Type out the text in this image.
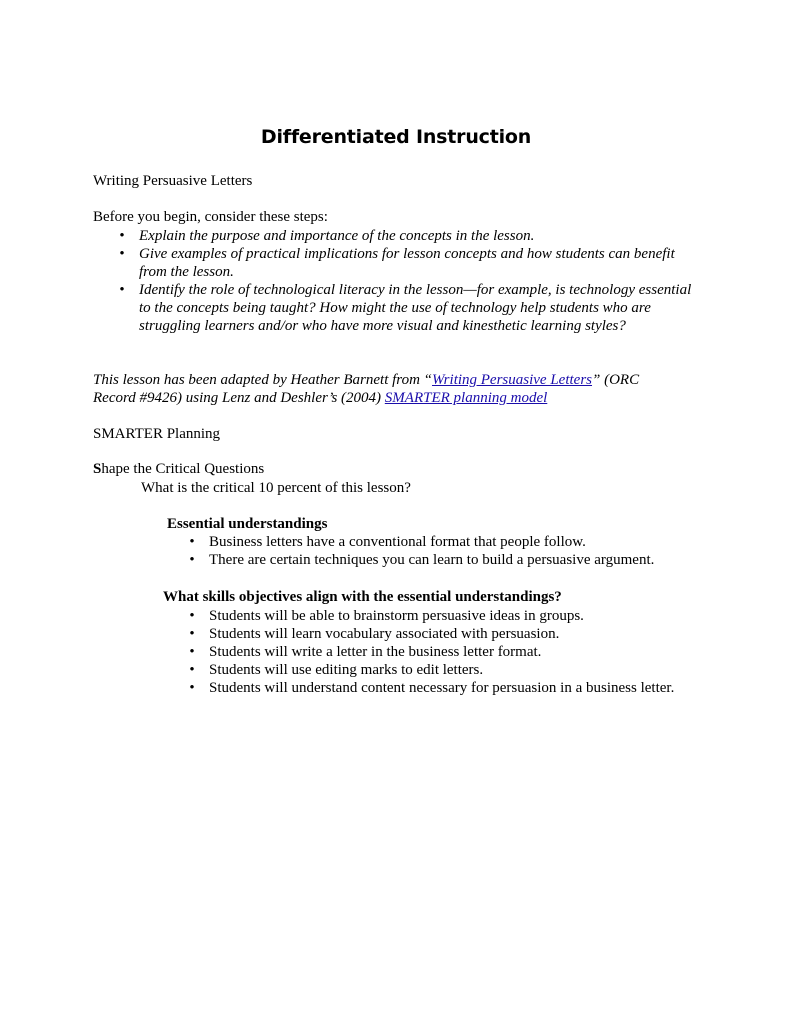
Differentiated Instruction
Writing Persuasive Letters
Before you begin, consider these steps:
• Explain the purpose and importance of the concepts in the lesson.
• Give examples of practical implications for lesson concepts and how students can benefit from the lesson.
• Identify the role of technological literacy in the lesson—for example, is technology essential to the concepts being taught? How might the use of technology help students who are struggling learners and/or who have more visual and kinesthetic learning styles?
This lesson has been adapted by Heather Barnett from “Writing Persuasive Letters” (ORC Record #9426) using Lenz and Deshler’s (2004) SMARTER planning model
SMARTER Planning
Shape the Critical Questions
What is the critical 10 percent of this lesson?
Essential understandings
• Business letters have a conventional format that people follow.
• There are certain techniques you can learn to build a persuasive argument.
What skills objectives align with the essential understandings?
• Students will be able to brainstorm persuasive ideas in groups.
• Students will learn vocabulary associated with persuasion.
• Students will write a letter in the business letter format.
• Students will use editing marks to edit letters.
• Students will understand content necessary for persuasion in a business letter.
